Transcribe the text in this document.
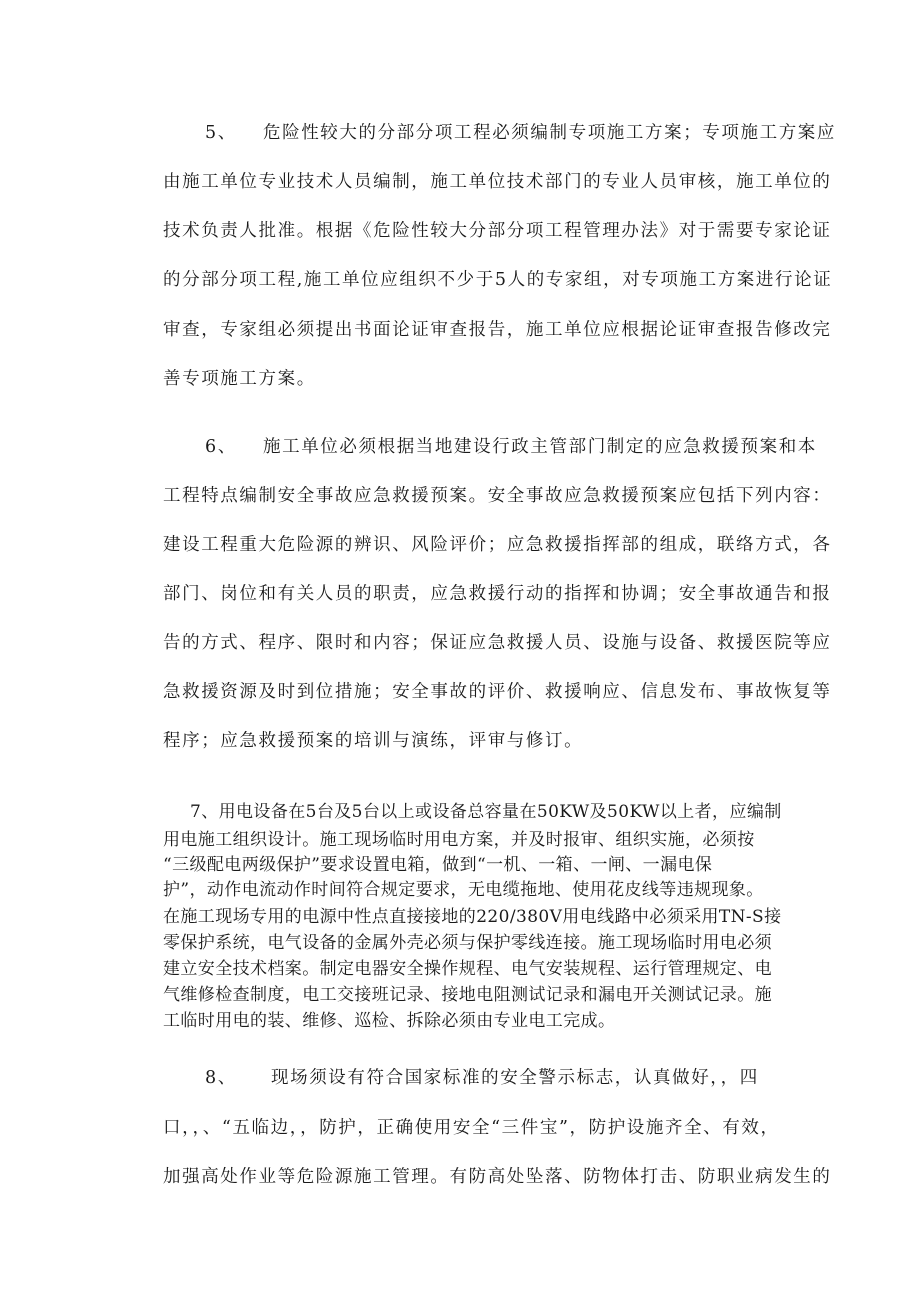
5、 危险性较大的分部分项工程必须编制专项施工方案；专项施工方案应
由施工单位专业技术人员编制，施工单位技术部门的专业人员审核，施工单位的
技术负责人批准。根据《危险性较大分部分项工程管理办法》对于需要专家论证
的分部分项工程,施工单位应组织不少于5人的专家组，对专项施工方案进行论证
审查，专家组必须提出书面论证审查报告，施工单位应根据论证审查报告修改完
善专项施工方案。
6、 施工单位必须根据当地建设行政主管部门制定的应急救援预案和本
工程特点编制安全事故应急救援预案。安全事故应急救援预案应包括下列内容：
建设工程重大危险源的辨识、风险评价；应急救援指挥部的组成，联络方式，各
部门、岗位和有关人员的职责，应急救援行动的指挥和协调；安全事故通告和报
告的方式、程序、限时和内容；保证应急救援人员、设施与设备、救援医院等应
急救援资源及时到位措施；安全事故的评价、救援响应、信息发布、事故恢复等
程序；应急救援预案的培训与演练，评审与修订。
7、用电设备在5台及5台以上或设备总容量在50KW及50KW以上者，应编制
用电施工组织设计。施工现场临时用电方案，并及时报审、组织实施，必须按
“三级配电两级保护”要求设置电箱，做到“一机、一箱、一闸、一漏电保
护”，动作电流动作时间符合规定要求，无电缆拖地、使用花皮线等违规现象。
在施工现场专用的电源中性点直接接地的220/380V用电线路中必须采用TN-S接
零保护系统，电气设备的金属外壳必须与保护零线连接。施工现场临时用电必须
建立安全技术档案。制定电器安全操作规程、电气安装规程、运行管理规定、电
气维修检查制度，电工交接班记录、接地电阻测试记录和漏电开关测试记录。施
工临时用电的装、维修、巡检、拆除必须由专业电工完成。
8、 现场须设有符合国家标准的安全警示标志，认真做好，，四
口，，、“五临边，，防护，正确使用安全“三件宝”，防护设施齐全、有效，
加强高处作业等危险源施工管理。有防高处坠落、防物体打击、防职业病发生的
